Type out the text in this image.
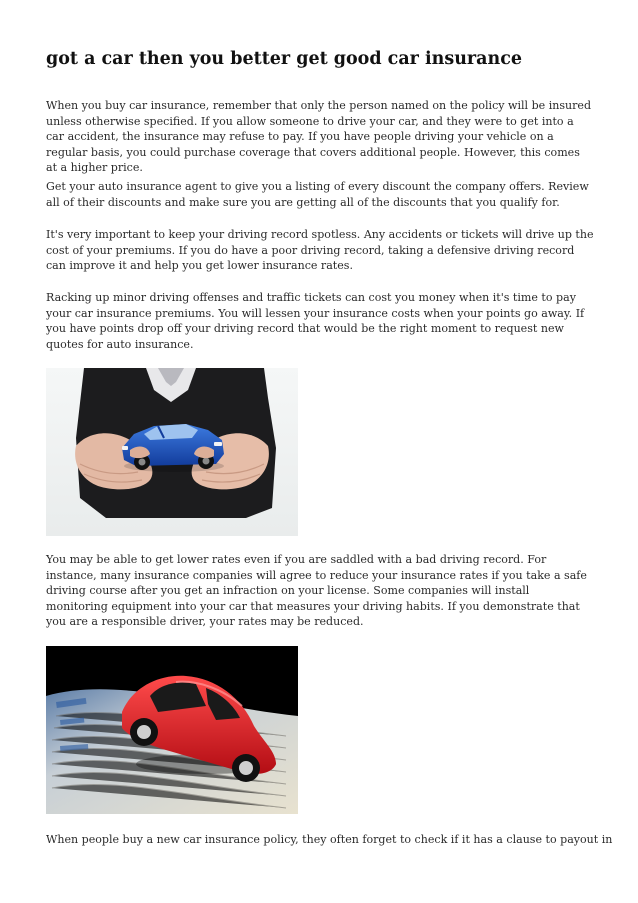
got a car then you better get good car insurance

When you buy car insurance, remember that only the person named on the policy will be insured unless otherwise specified. If you allow someone to drive your car, and they were to get into a car accident, the insurance may refuse to pay. If you have people driving your vehicle on a regular basis, you could purchase coverage that covers additional people. However, this comes at a higher price.

Get your auto insurance agent to give you a listing of every discount the company offers. Review all of their discounts and make sure you are getting all of the discounts that you qualify for.

It's very important to keep your driving record spotless. Any accidents or tickets will drive up the cost of your premiums. If you do have a poor driving record, taking a defensive driving record can improve it and help you get lower insurance rates.

Racking up minor driving offenses and traffic tickets can cost you money when it's time to pay your car insurance premiums. You will lessen your insurance costs when your points go away. If you have points drop off your driving record that would be the right moment to request new quotes for auto insurance.

You may be able to get lower rates even if you are saddled with a bad driving record. For instance, many insurance companies will agree to reduce your insurance rates if you take a safe driving course after you get an infraction on your license. Some companies will install monitoring equipment into your car that measures your driving habits. If you demonstrate that you are a responsible driver, your rates may be reduced.

When people buy a new car insurance policy, they often forget to check if it has a clause to payout in
